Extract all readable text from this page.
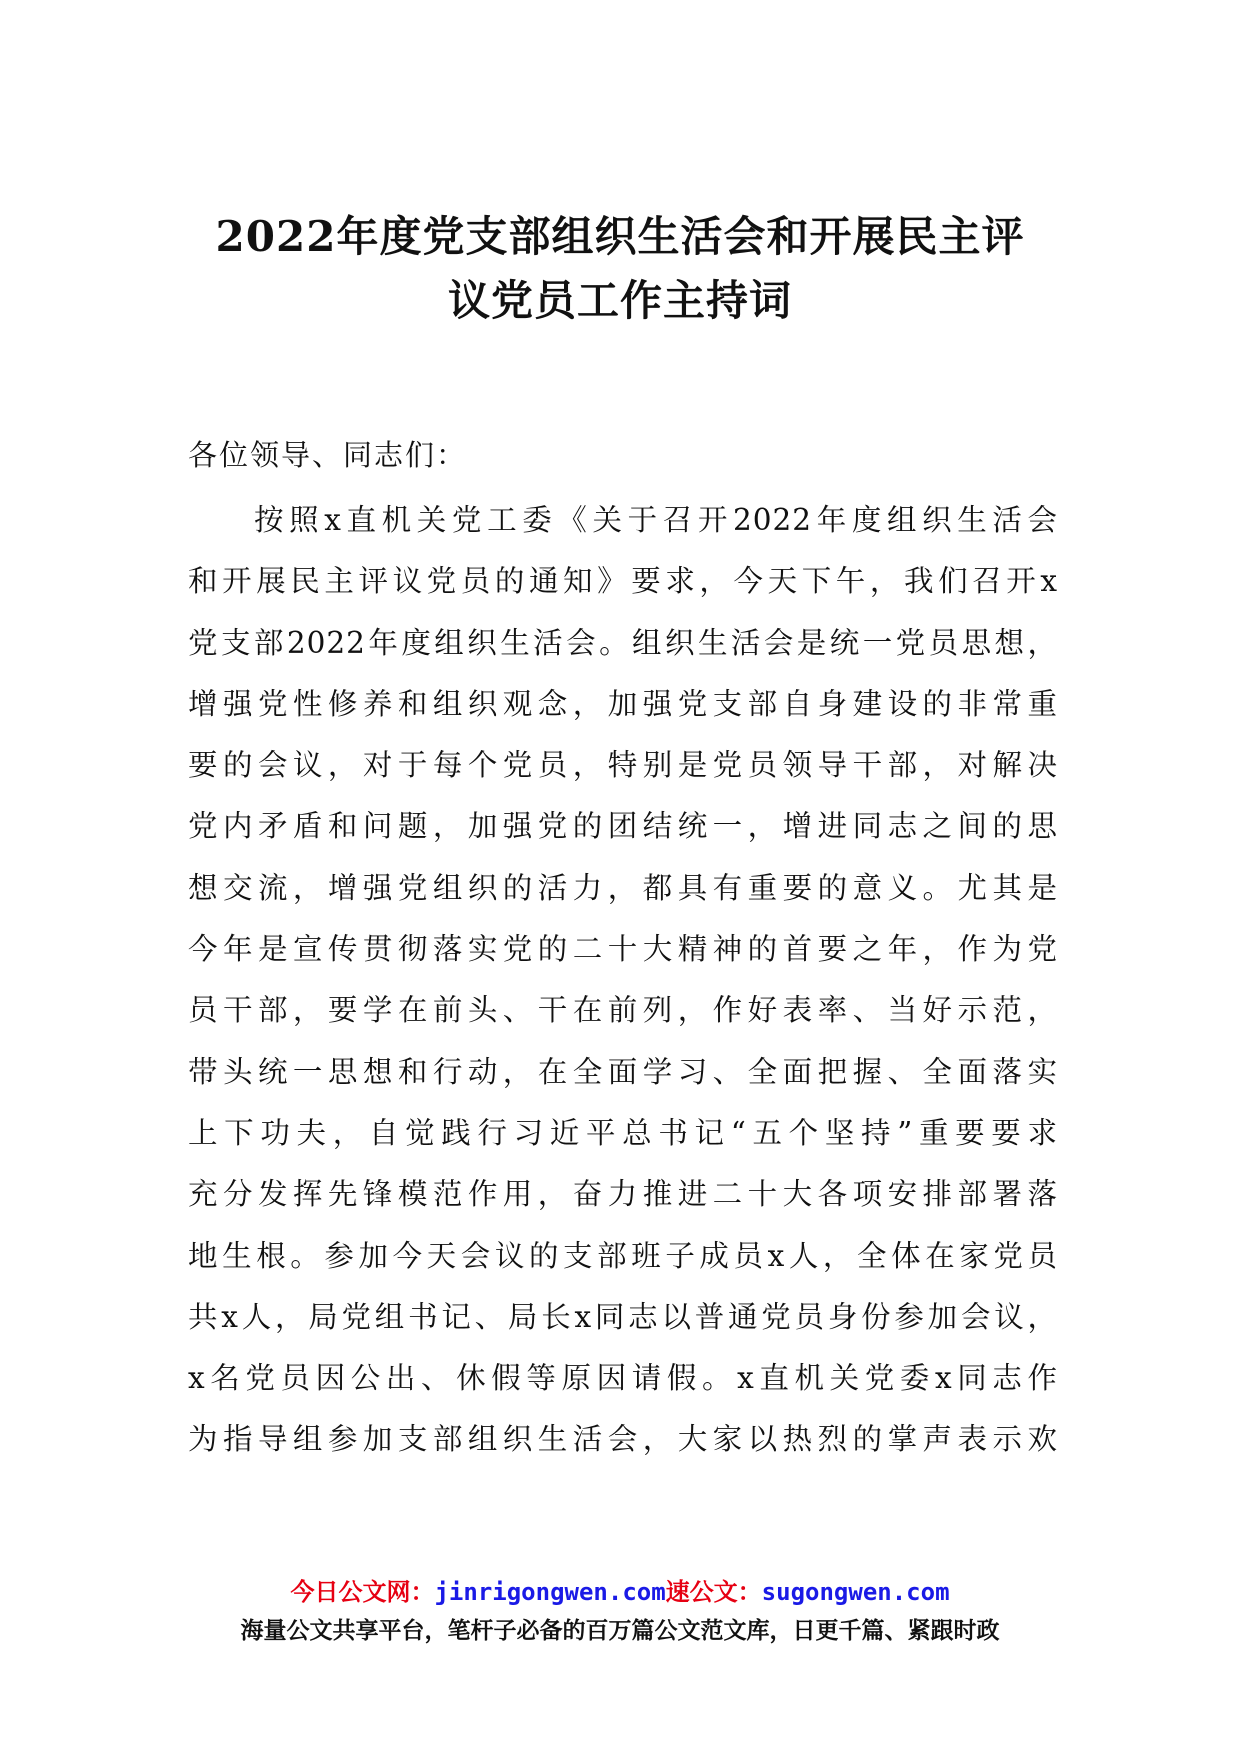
2022年度党支部组织生活会和开展民主评
议党员工作主持词
各位领导、同志们：
按照x直机关党工委《关于召开2022年度组织生活会
和开展民主评议党员的通知》要求，今天下午，我们召开x
党支部2022年度组织生活会。组织生活会是统一党员思想，
增强党性修养和组织观念，加强党支部自身建设的非常重
要的会议，对于每个党员，特别是党员领导干部，对解决
党内矛盾和问题，加强党的团结统一，增进同志之间的思
想交流，增强党组织的活力，都具有重要的意义。尤其是
今年是宣传贯彻落实党的二十大精神的首要之年，作为党
员干部，要学在前头、干在前列，作好表率、当好示范，
带头统一思想和行动，在全面学习、全面把握、全面落实
上下功夫，自觉践行习近平总书记“五个坚持”重要要求
充分发挥先锋模范作用，奋力推进二十大各项安排部署落
地生根。参加今天会议的支部班子成员x人，全体在家党员
共x人，局党组书记、局长x同志以普通党员身份参加会议，
x名党员因公出、休假等原因请假。x直机关党委x同志作
为指导组参加支部组织生活会，大家以热烈的掌声表示欢
今日公文网：jinrigongwen.com速公文：sugongwen.com
海量公文共享平台，笔杆子必备的百万篇公文范文库，日更千篇、紧跟时政
